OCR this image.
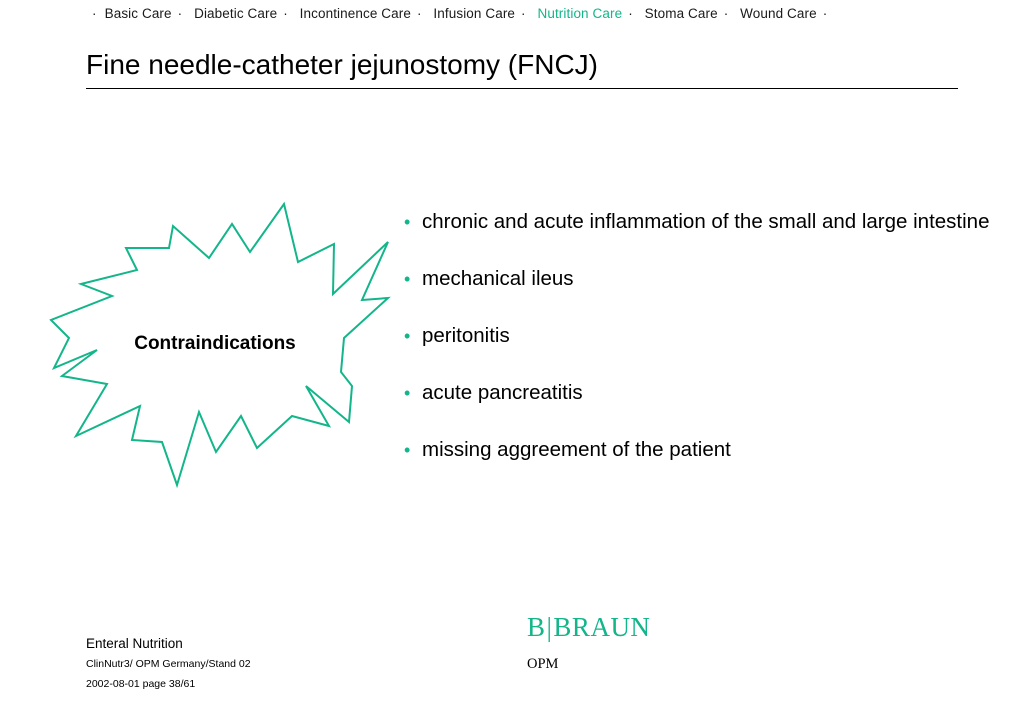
· Basic Care · Diabetic Care · Incontinence Care · Infusion Care · Nutrition Care · Stoma Care · Wound Care ·
Fine needle-catheter jejunostomy (FNCJ)
Contraindications
• chronic and acute inflammation of the small and large intestine
• mechanical ileus
• peritonitis
• acute pancreatitis
• missing aggreement of the patient
Enteral Nutrition
ClinNutr3/ OPM Germany/Stand 02
2002-08-01 page 38/61
B|BRAUN
OPM
